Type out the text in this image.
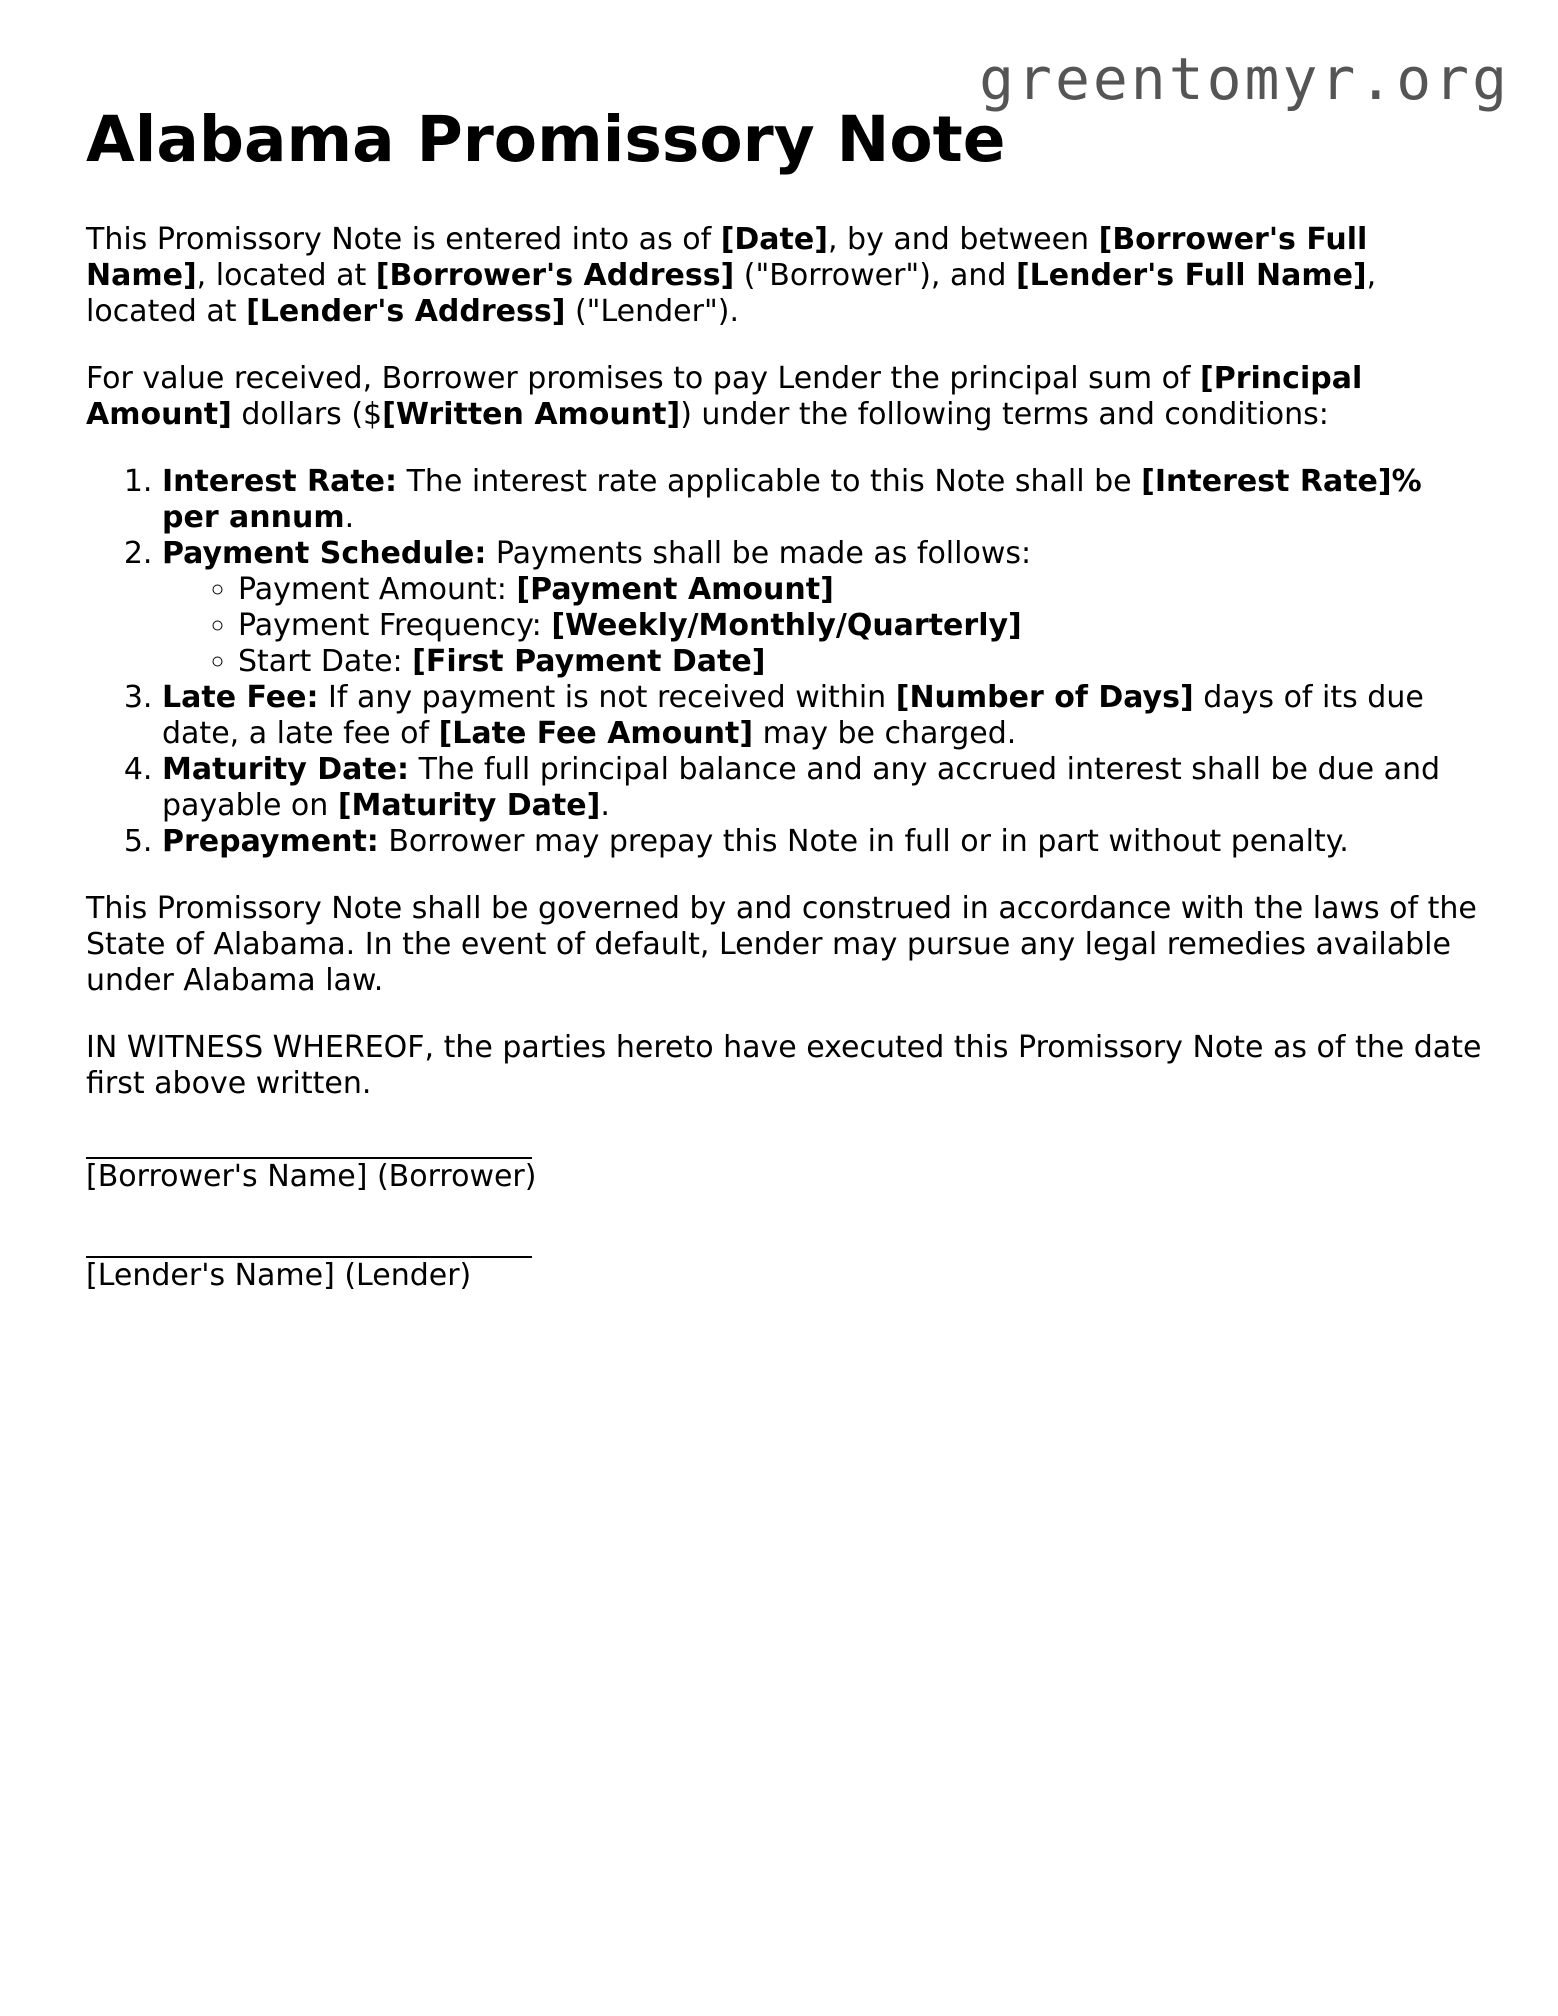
greentomyr.org
Alabama Promissory Note

This Promissory Note is entered into as of [Date], by and between [Borrower's Full Name], located at [Borrower's Address] ("Borrower"), and [Lender's Full Name], located at [Lender's Address] ("Lender").

For value received, Borrower promises to pay Lender the principal sum of [Principal Amount] dollars ($[Written Amount]) under the following terms and conditions:

1. Interest Rate: The interest rate applicable to this Note shall be [Interest Rate]% per annum.
2. Payment Schedule: Payments shall be made as follows:
◦ Payment Amount: [Payment Amount]
◦ Payment Frequency: [Weekly/Monthly/Quarterly]
◦ Start Date: [First Payment Date]
3. Late Fee: If any payment is not received within [Number of Days] days of its due date, a late fee of [Late Fee Amount] may be charged.
4. Maturity Date: The full principal balance and any accrued interest shall be due and payable on [Maturity Date].
5. Prepayment: Borrower may prepay this Note in full or in part without penalty.

This Promissory Note shall be governed by and construed in accordance with the laws of the State of Alabama. In the event of default, Lender may pursue any legal remedies available under Alabama law.

IN WITNESS WHEREOF, the parties hereto have executed this Promissory Note as of the date first above written.

[Borrower's Name] (Borrower)
[Lender's Name] (Lender)
